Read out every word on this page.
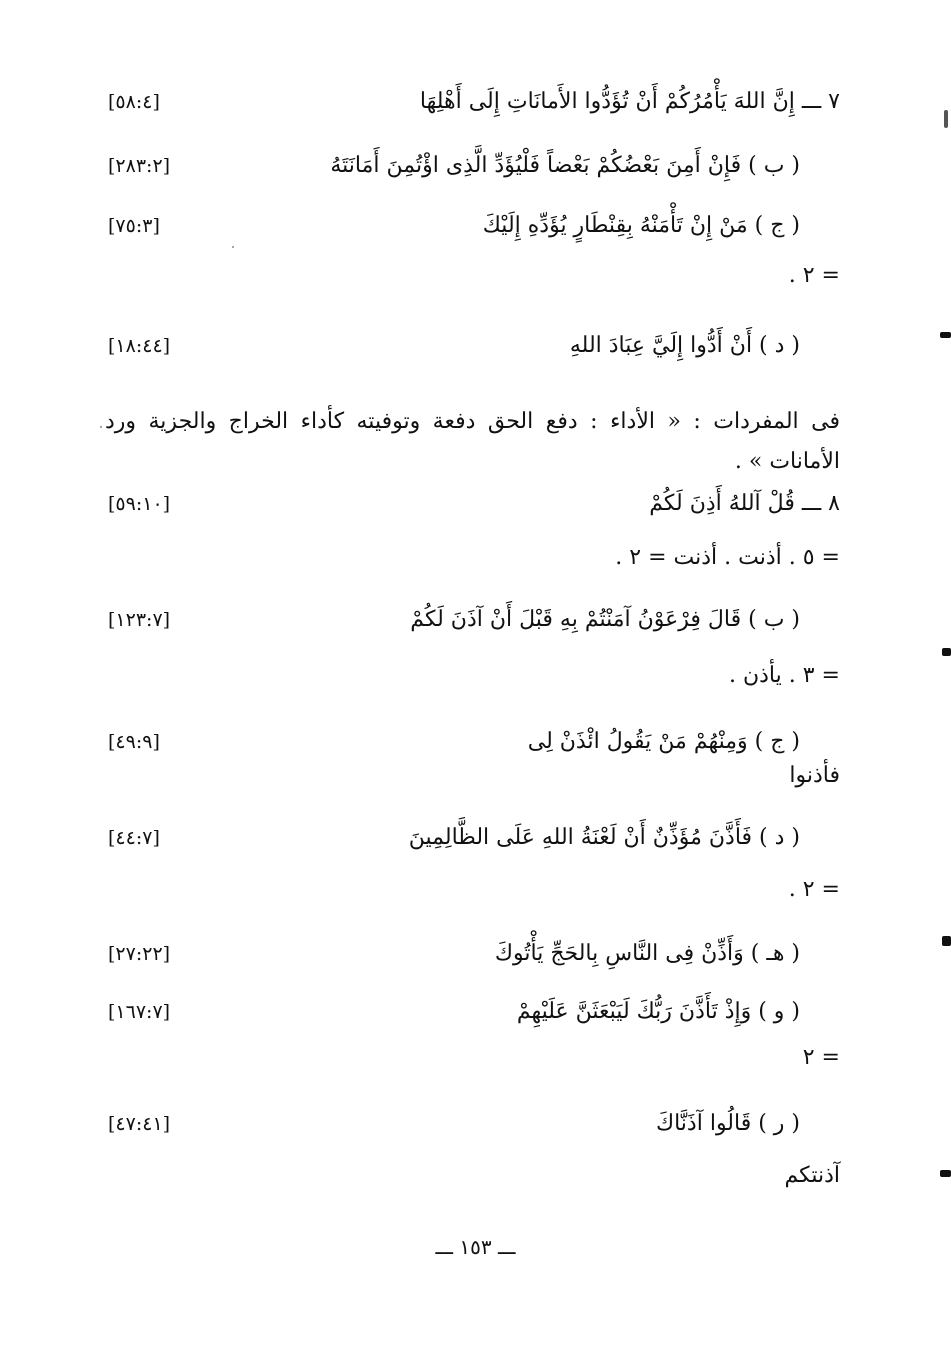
٧ ـــ إِنَّ اللهَ يَأْمُرُكُمْ أَنْ تُؤَدُّوا الأَمانَاتِ إِلَى أَهْلِهَا
[ ٥٨:٤ ]
( ب ) فَإِنْ أَمِنَ بَعْضُكُمْ بَعْضاً فَلْيُؤَدِّ الَّذِى اؤْتُمِنَ أَمَانَتَهُ
[ ٢٨٣:٢ ]
( ج ) مَنْ إِنْ تَأْمَنْهُ بِقِنْطَارٍ يُؤَدِّهِ إِلَيْكَ
[ ٧٥:٣ ]
= ٢ .
( د ) أَنْ أَدُّوا إِلَيَّ عِبَادَ اللهِ
[ ١٨:٤٤ ]

فى المفردات : « الأداء : دفع الحق دفعة وتوفيته كأداء الخراج والجزية ورد الأمانات » .

٨ ـــ قُلْ آللهُ أَذِنَ لَكُمْ
[ ٥٩:١٠ ]
= ٥ . أذنت . أذنت = ٢ .
( ب ) قَالَ فِرْعَوْنُ آمَنْتُمْ بِهِ قَبْلَ أَنْ آذَنَ لَكُمْ
[ ١٢٣:٧ ]
= ٣ . يأذن .
( ج ) وَمِنْهُمْ مَنْ يَقُولُ ائْذَنْ لِى
[ ٤٩:٩ ]
فأذنوا
( د ) فَأَذَّنَ مُؤَذِّنٌ أَنْ لَعْنَةُ اللهِ عَلَى الظَّالِمِينَ
[ ٤٤:٧ ]
= ٢ .
( هـ ) وَأَذِّنْ فِى النَّاسِ بِالحَجِّ يَأْتُوكَ
[ ٢٧:٢٢ ]
( و ) وَإِذْ تَأَذَّنَ رَبُّكَ لَيَبْعَثَنَّ عَلَيْهِمْ
[ ١٦٧:٧ ]
= ٢
( ر ) قَالُوا آذَنَّاكَ
[ ٤٧:٤١ ]
آذنتكم
ـــ ١٥٣ ـــ
